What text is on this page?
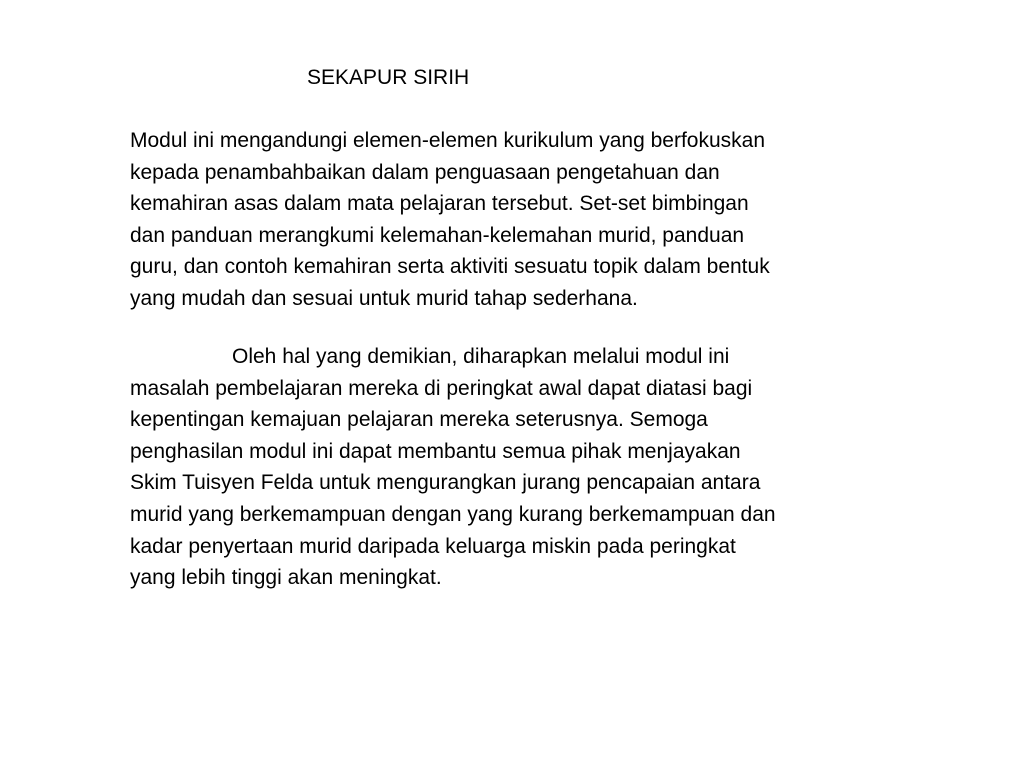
SEKAPUR SIRIH
Modul ini mengandungi elemen-elemen kurikulum yang berfokuskan
kepada penambahbaikan dalam penguasaan pengetahuan dan
kemahiran asas dalam mata pelajaran tersebut. Set-set bimbingan
dan panduan merangkumi kelemahan-kelemahan murid, panduan
guru, dan contoh kemahiran serta aktiviti sesuatu topik dalam bentuk
yang mudah dan sesuai untuk murid tahap sederhana.
Oleh hal yang demikian, diharapkan melalui modul ini
masalah pembelajaran mereka di peringkat awal dapat diatasi bagi
kepentingan kemajuan pelajaran mereka seterusnya. Semoga
penghasilan modul ini dapat membantu semua pihak menjayakan
Skim Tuisyen Felda untuk mengurangkan jurang pencapaian antara
murid yang berkemampuan dengan yang kurang berkemampuan dan
kadar penyertaan murid daripada keluarga miskin pada peringkat
yang lebih tinggi akan meningkat.
